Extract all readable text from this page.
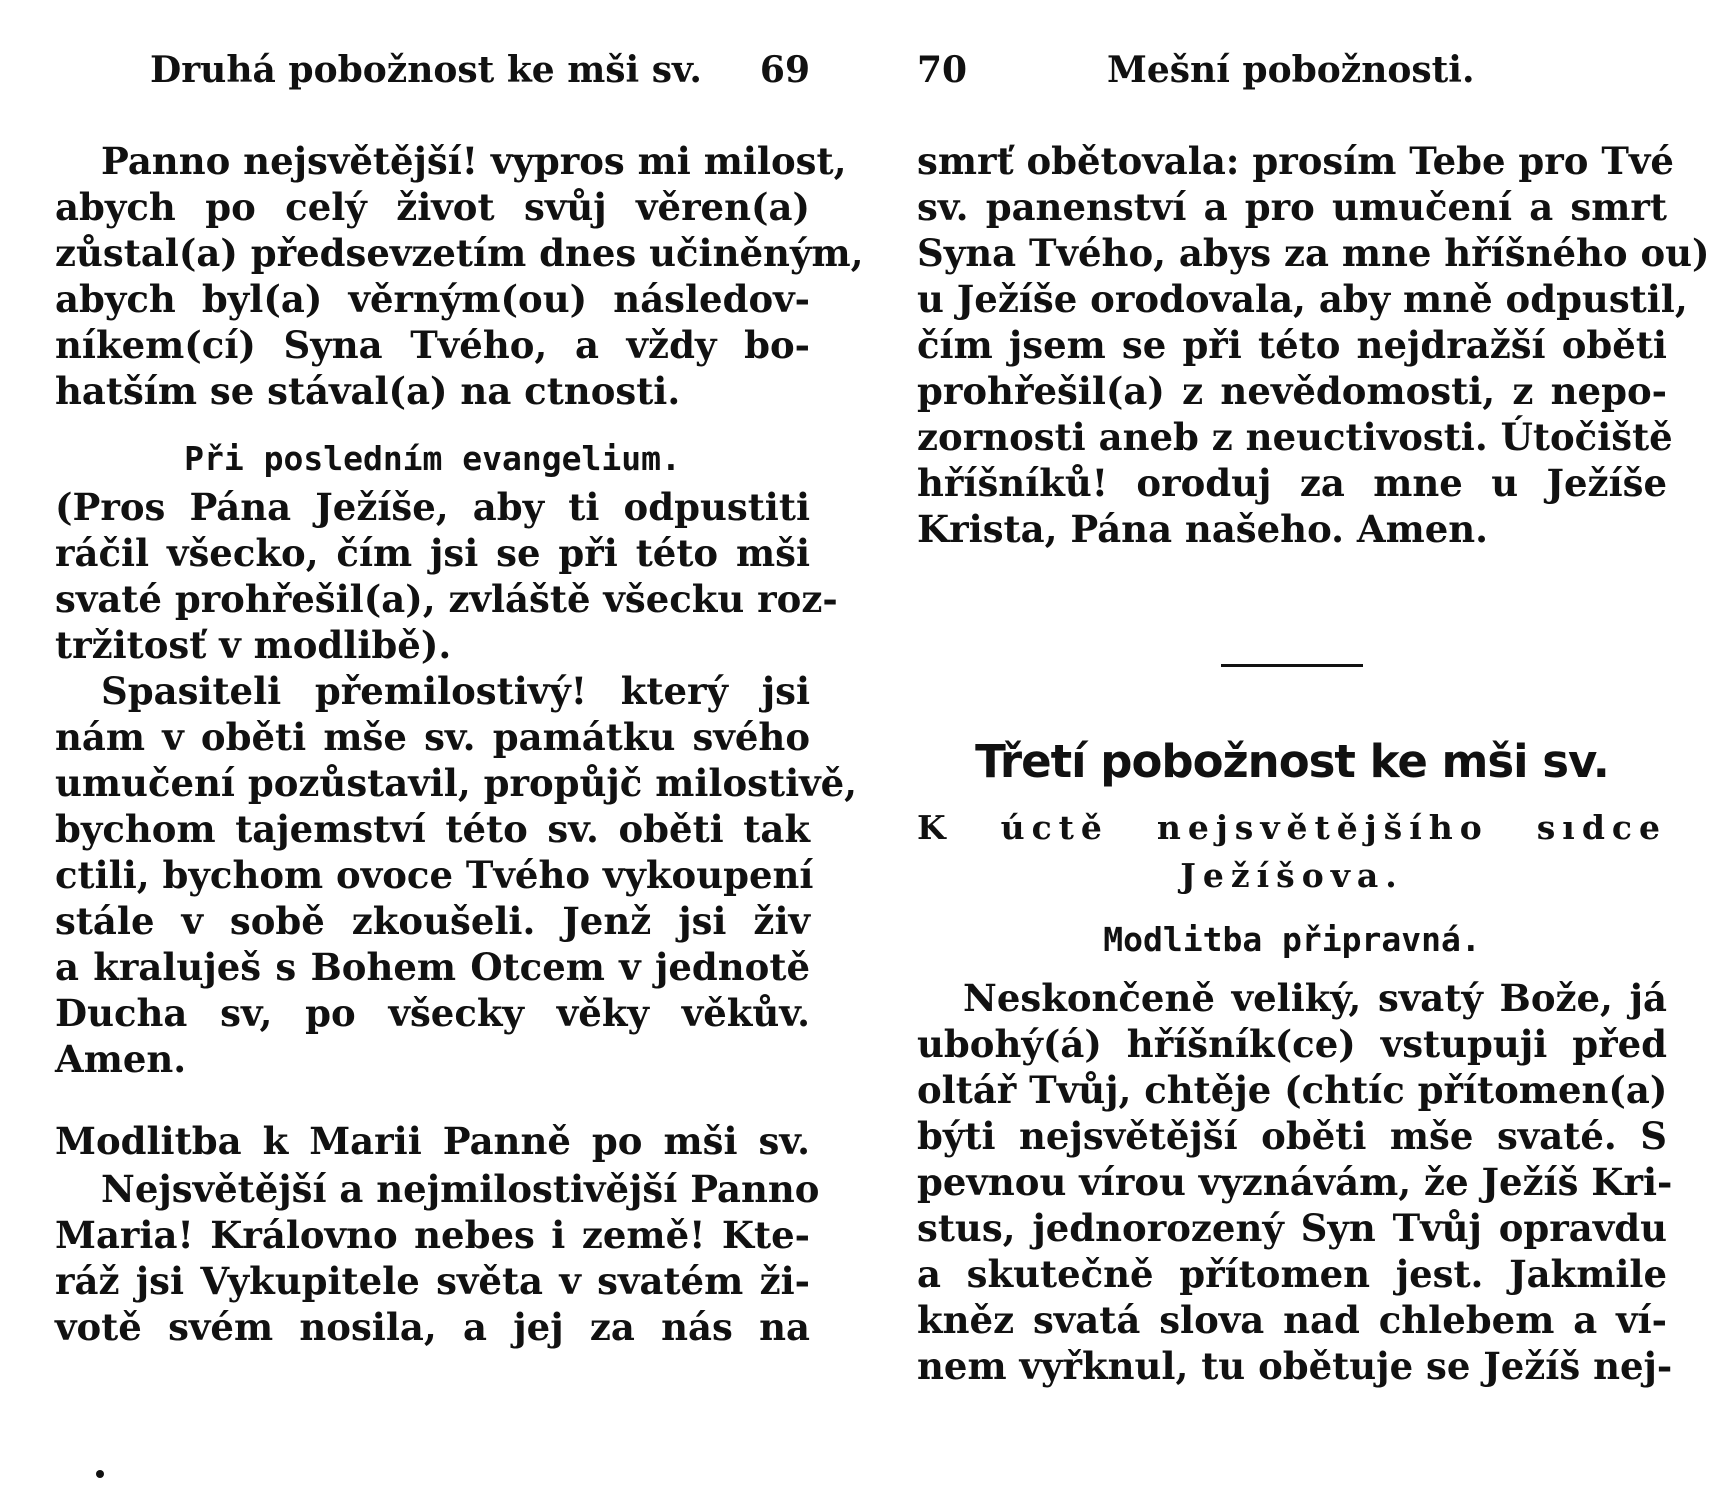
Druhá pobožnost ke mši sv. 69

Panno nejsvětější! vypros mi milost,
abych po celý život svůj věren(a)
zůstal(a) předsevzetím dnes učiněným,
abych byl(a) věrným(ou) následov-
níkem(cí) Syna Tvého, a vždy bo-
hatším se stával(a) na ctnosti.

Při posledním evangelium.

(Pros Pána Ježíše, aby ti odpustiti
ráčil všecko, čím jsi se při této mši
svaté prohřešil(a), zvláště všecku roz-
tržitosť v modlibě).

Spasiteli přemilostivý! který jsi
nám v oběti mše sv. památku svého
umučení pozůstavil, propůjč milostivě,
bychom tajemství této sv. oběti tak
ctili, bychom ovoce Tvého vykoupení
stále v sobě zkoušeli. Jenž jsi živ
a kraluješ s Bohem Otcem v jednotě
Ducha sv, po všecky věky věkův.
Amen.

Modlitba k Marii Panně po mši sv.

Nejsvětější a nejmilostivější Panno
Maria! Královno nebes i země! Kte-
ráž jsi Vykupitele světa v svatém ži-
votě svém nosila, a jej za nás na

70	Mešní pobožnosti.

smrť obětovala: prosím Tebe pro Tvé
sv. panenství a pro umučení a smrt
Syna Tvého, abys za mne hříšného ou)
u Ježíše orodovala, aby mně odpustil,
čím jsem se při této nejdražší oběti
prohřešil(a) z nevědomosti, z nepo-
zornosti aneb z neuctivosti. Útočiště
hříšníků! oroduj za mne u Ježíše
Krista, Pána našeho. Amen.

Třetí pobožnost ke mši sv.

K úctě nejsvětějšího sıdce

Ježíšova.

Modlitba připravná.

Neskončeně veliký, svatý Bože, já
ubohý(á) hříšník(ce) vstupuji před
oltář Tvůj, chtěje (chtíc přítomen(a)
býti nejsvětější oběti mše svaté. S
pevnou vírou vyznávám, že Ježíš Kri-
stus, jednorozený Syn Tvůj opravdu
a skutečně přítomen jest. Jakmile
kněz svatá slova nad chlebem a ví-
nem vyřknul, tu obětuje se Ježíš nej-
